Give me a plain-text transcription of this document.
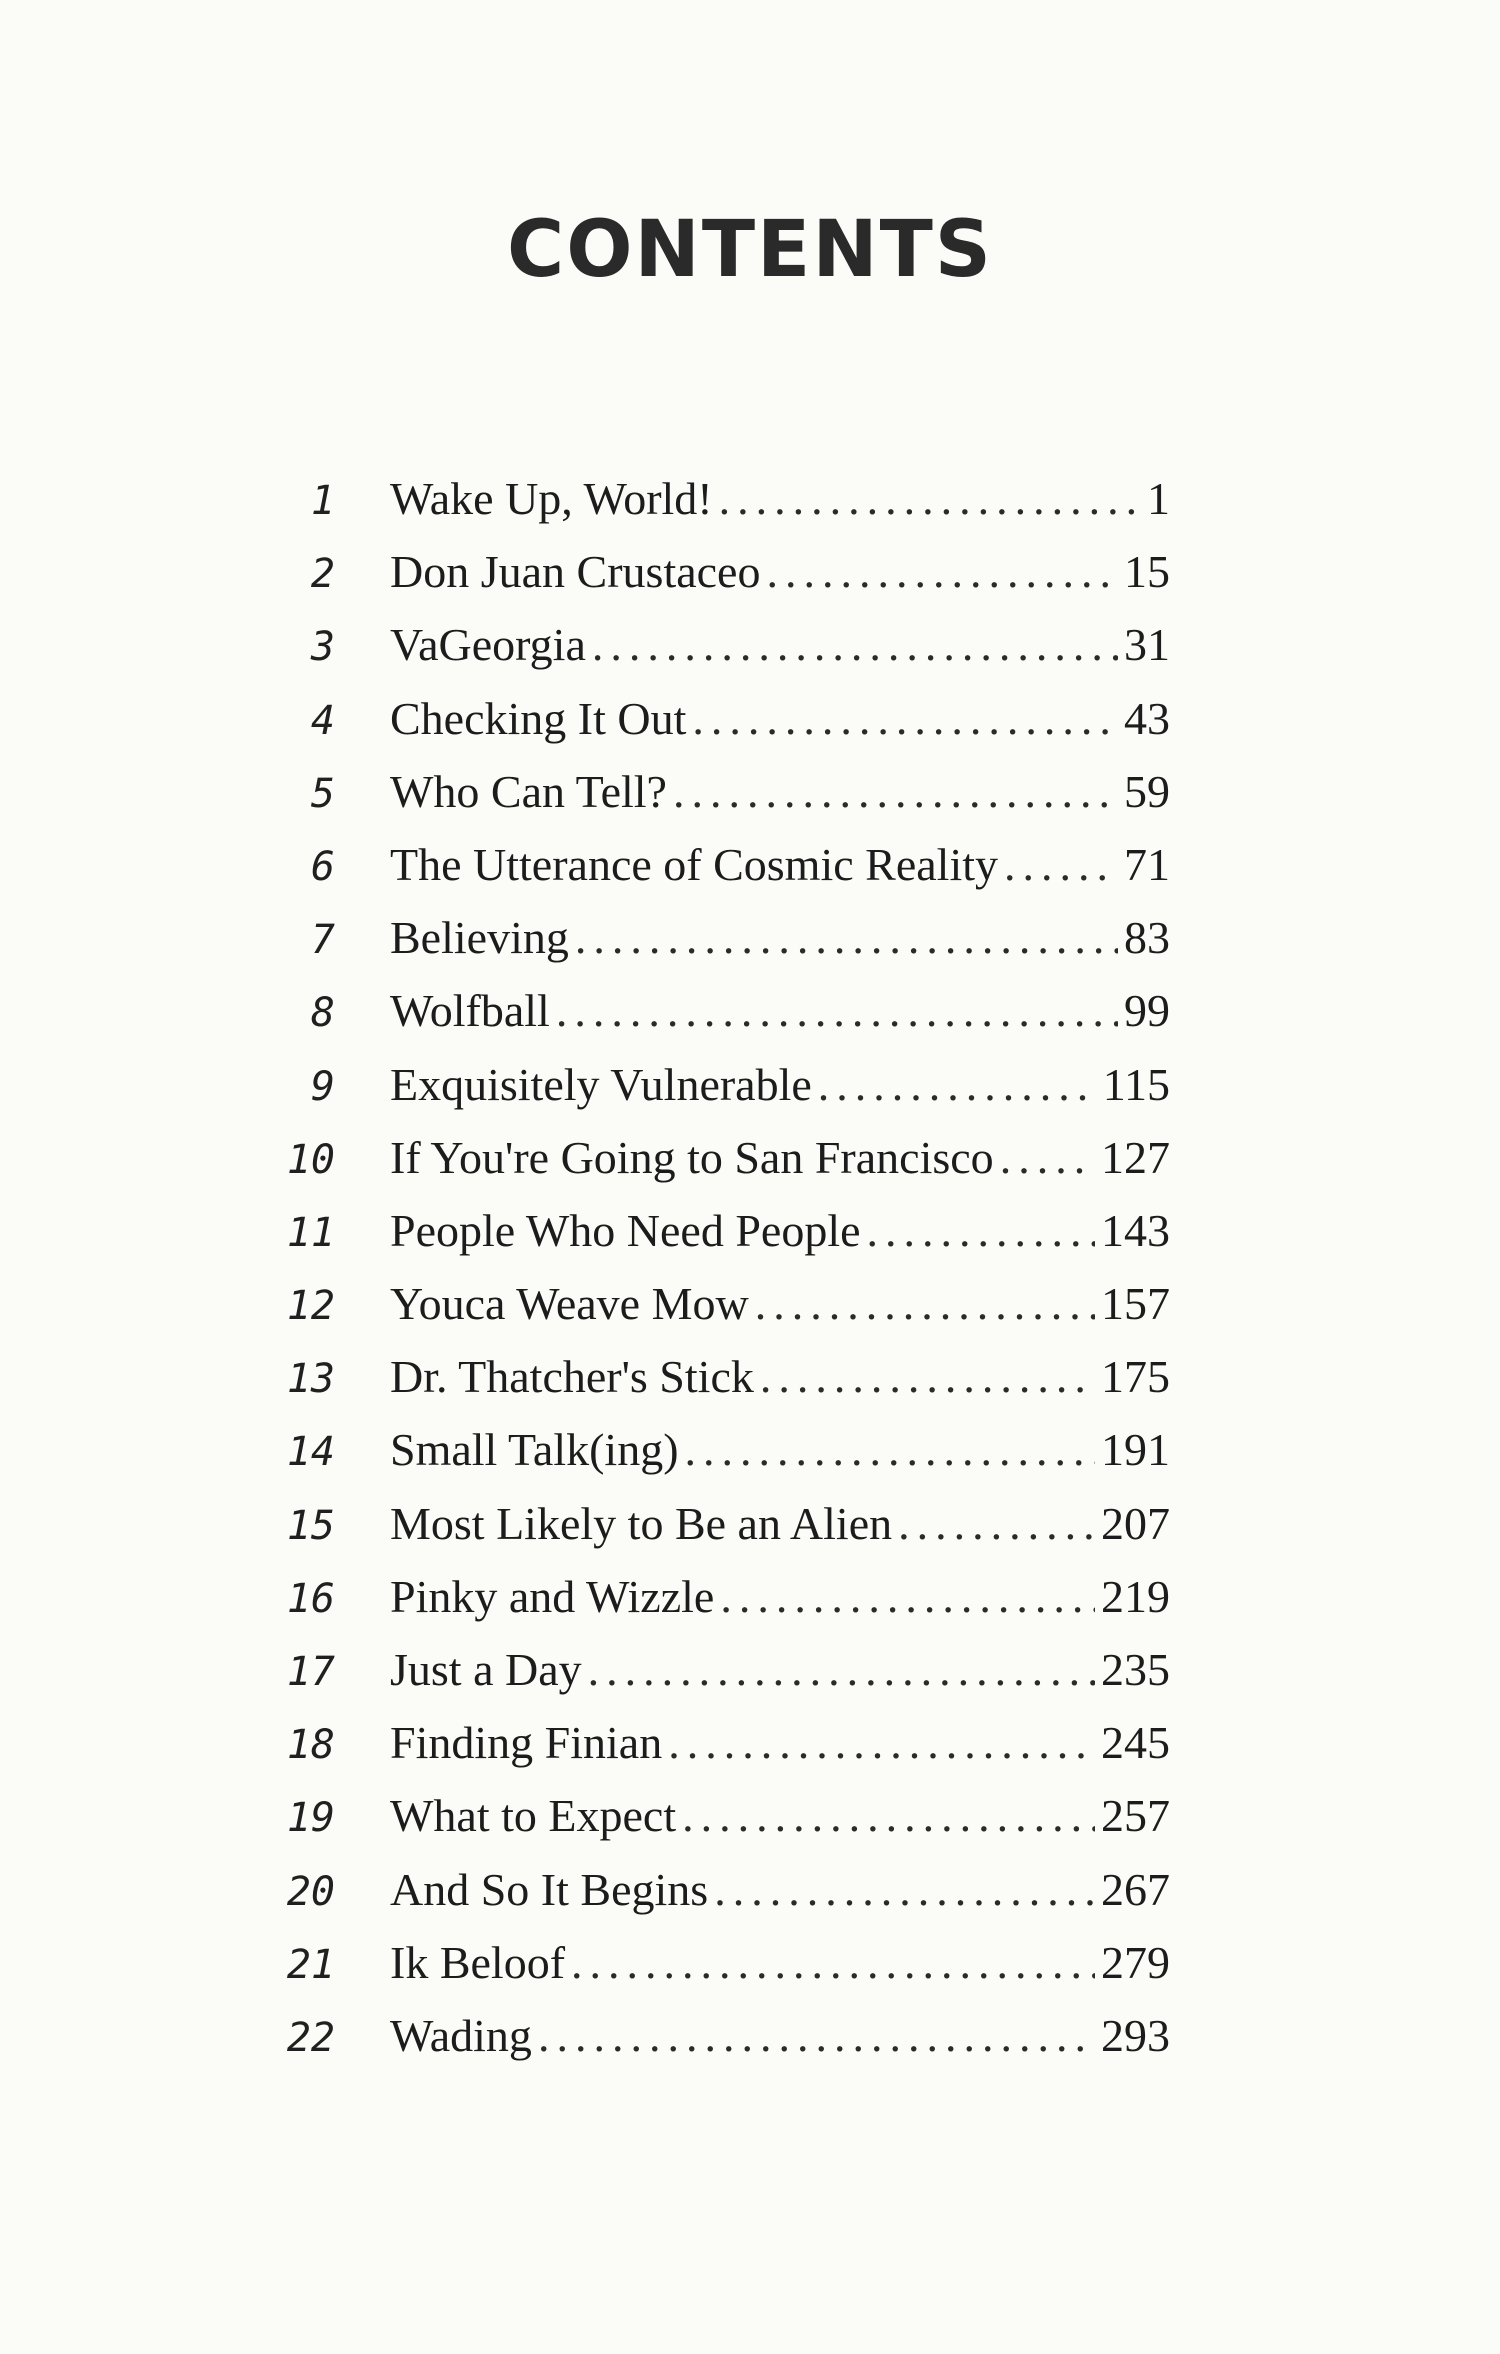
CONTENTS
1 Wake Up, World! .....	1
2 Don Juan Crustaceo .....	15
3 VaGeorgia .....	31
4 Checking It Out .....	43
5 Who Can Tell? .....	59
6 The Utterance of Cosmic Reality .....	71
7 Believing .....	83
8 Wolfball .....	99
9 Exquisitely Vulnerable .....	115
10 If You're Going to San Francisco ..... 127
11 People Who Need People .....	143
12 Youca Weave Mow .....	157
13 Dr. Thatcher's Stick .....	175
14 Small Talk(ing) .....	191
15 Most Likely to Be an Alien .....	207
16 Pinky and Wizzle .....	219
17 Just a Day .....	235
18 Finding Finian .....	245
19 What to Expect .....	257
20 And So It Begins .....	267
21 Ik Beloof .....	279
22 Wading .....	293
